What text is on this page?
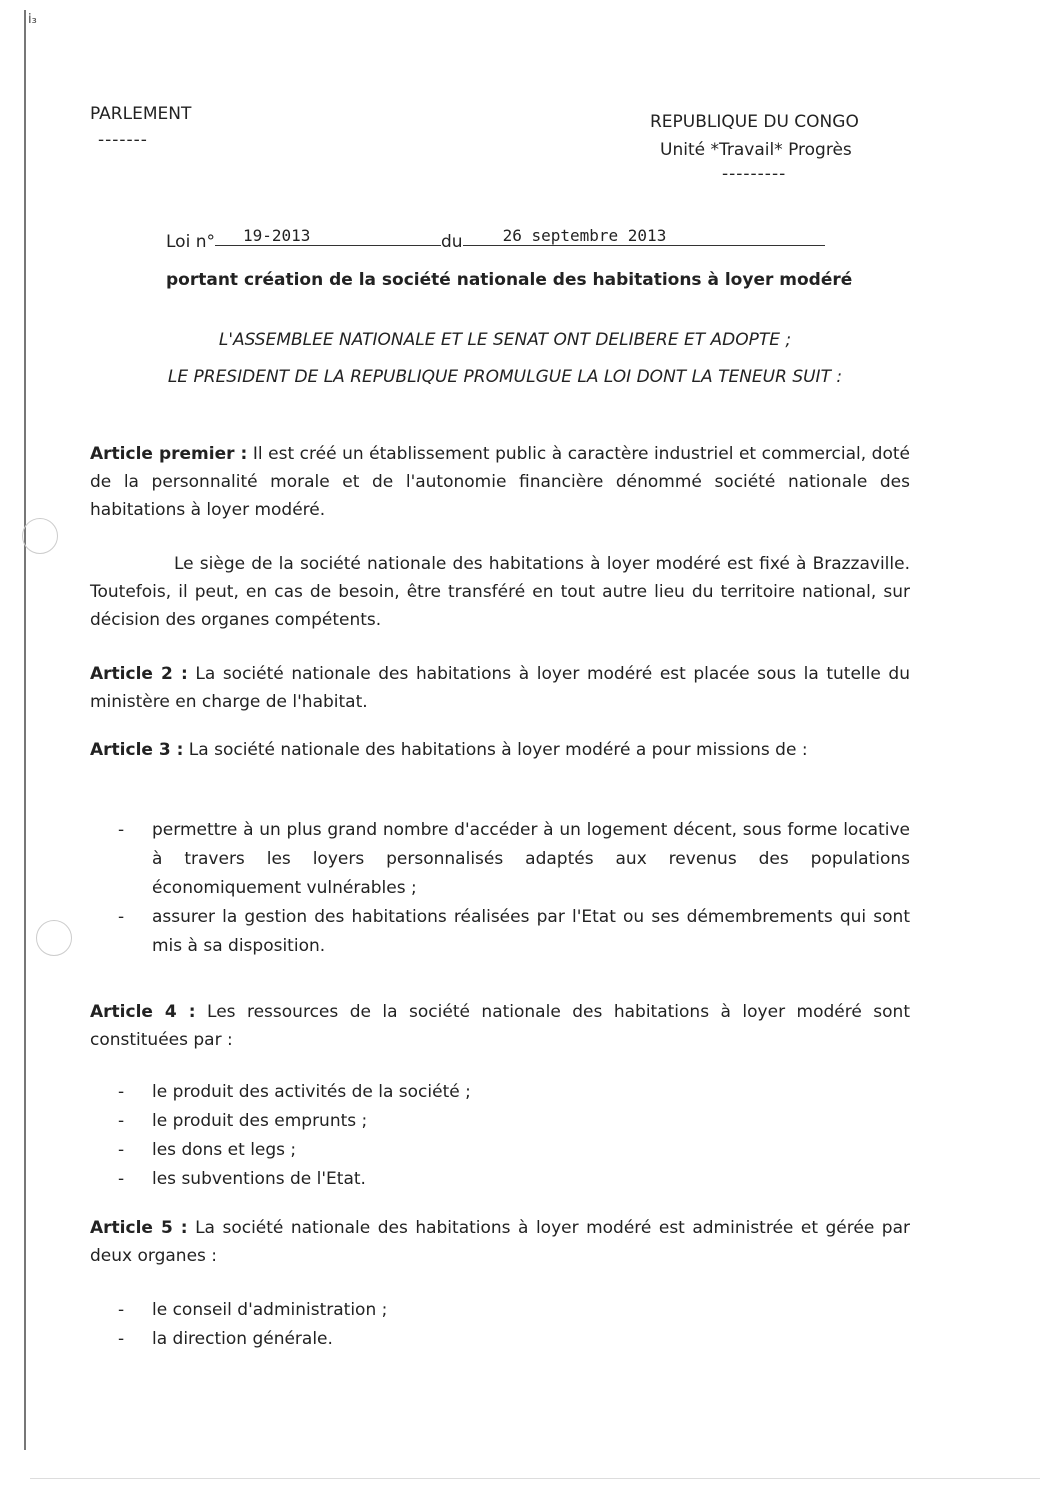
ⅰ₃
PARLEMENT
-------
REPUBLIQUE DU CONGO
Unité *Travail* Progrès
---------
Loi n° 19-2013	du	26 septembre 2013
portant création de la société nationale des habitations à loyer modéré
L'ASSEMBLEE NATIONALE ET LE SENAT ONT DELIBERE ET ADOPTE ;
LE PRESIDENT DE LA REPUBLIQUE PROMULGUE LA LOI DONT LA TENEUR SUIT :
Article premier : Il est créé un établissement public à caractère industriel et commercial, doté de la personnalité morale et de l'autonomie financière dénommé société nationale des habitations à loyer modéré.
Le siège de la société nationale des habitations à loyer modéré est fixé à Brazzaville. Toutefois, il peut, en cas de besoin, être transféré en tout autre lieu du territoire national, sur décision des organes compétents.
Article 2 : La société nationale des habitations à loyer modéré est placée sous la tutelle du ministère en charge de l'habitat.
Article 3 : La société nationale des habitations à loyer modéré a pour missions de :
- permettre à un plus grand nombre d'accéder à un logement décent, sous forme locative à travers les loyers personnalisés adaptés aux revenus des populations économiquement vulnérables ;
- assurer la gestion des habitations réalisées par l'Etat ou ses démembrements qui sont mis à sa disposition.
Article 4 : Les ressources de la société nationale des habitations à loyer modéré sont constituées par :
- le produit des activités de la société ;
- le produit des emprunts ;
- les dons et legs ;
- les subventions de l'Etat.
Article 5 : La société nationale des habitations à loyer modéré est administrée et gérée par deux organes :
- le conseil d'administration ;
- la direction générale.
